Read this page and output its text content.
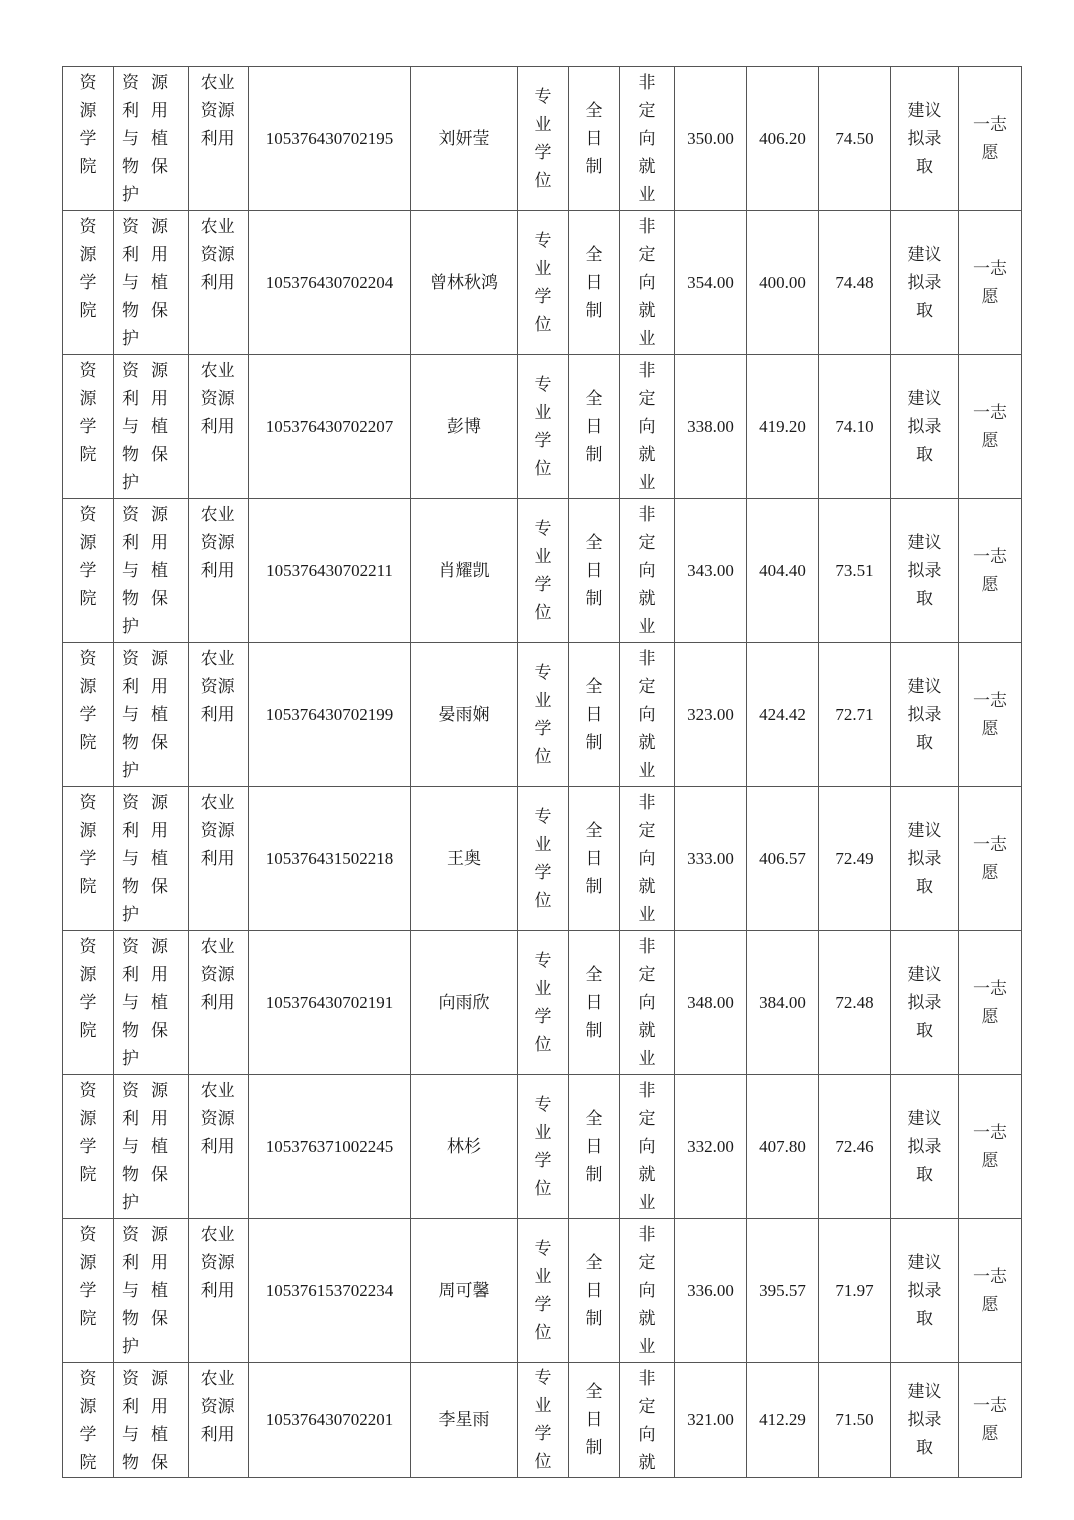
资源学院	资 源利 用与 植物 保护	农业资源利用	105376430702195	刘妍莹	专业学位	全日制	非定向就业	350.00	406.20	74.50	建议拟录取	一志愿

资源学院	资 源利 用与 植物 保护	农业资源利用	105376430702204	曾林秋鸿	专业学位	全日制	非定向就业	354.00	400.00	74.48	建议拟录取	一志愿

资源学院	资 源利 用与 植物 保护	农业资源利用	105376430702207	彭博	专业学位	全日制	非定向就业	338.00	419.20	74.10	建议拟录取	一志愿

资源学院	资 源利 用与 植物 保护	农业资源利用	105376430702211	肖耀凯	专业学位	全日制	非定向就业	343.00	404.40	73.51	建议拟录取	一志愿

资源学院	资 源利 用与 植物 保护	农业资源利用	105376430702199	晏雨娴	专业学位	全日制	非定向就业	323.00	424.42	72.71	建议拟录取	一志愿

资源学院	资 源利 用与 植物 保护	农业资源利用	105376431502218	王奥	专业学位	全日制	非定向就业	333.00	406.57	72.49	建议拟录取	一志愿

资源学院	资 源利 用与 植物 保护	农业资源利用	105376430702191	向雨欣	专业学位	全日制	非定向就业	348.00	384.00	72.48	建议拟录取	一志愿

资源学院	资 源利 用与 植物 保护	农业资源利用	105376371002245	林杉	专业学位	全日制	非定向就业	332.00	407.80	72.46	建议拟录取	一志愿

资源学院	资 源利 用与 植物 保护	农业资源利用	105376153702234	周可馨	专业学位	全日制	非定向就业	336.00	395.57	71.97	建议拟录取	一志愿

资源学院	资 源利 用与 植物 保	农业资源利用	105376430702201	李星雨	专业学位	全日制	非定向就	321.00	412.29	71.50	建议拟录取	一志愿
